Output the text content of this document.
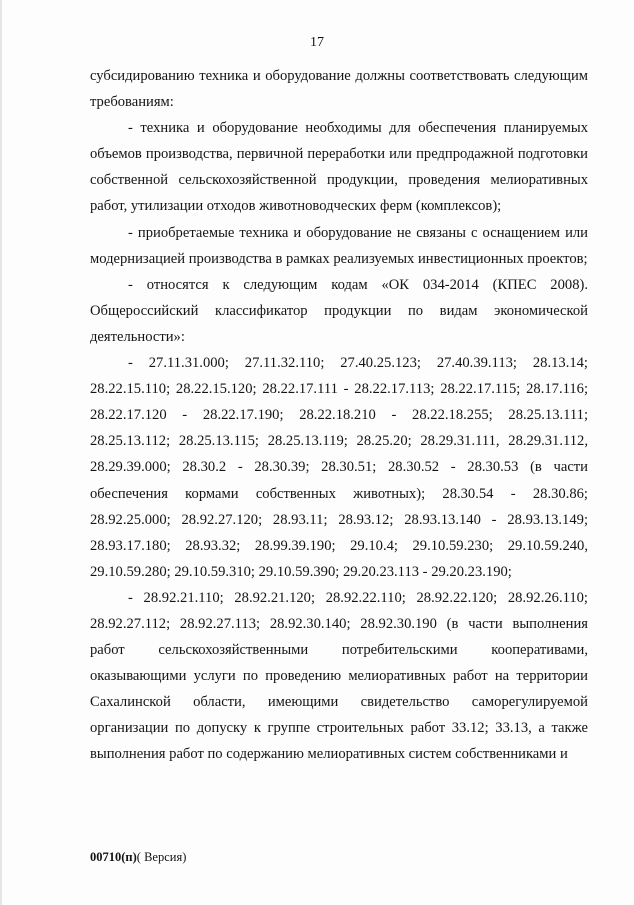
17

субсидированию техника и оборудование должны соответствовать следующим требованиям:

- техника и оборудование необходимы для обеспечения планируемых объемов производства, первичной переработки или предпродажной подготовки собственной сельскохозяйственной продукции, проведения мелиоративных работ, утилизации отходов животноводческих ферм (комплексов);

- приобретаемые техника и оборудование не связаны с оснащением или модернизацией производства в рамках реализуемых инвестиционных проектов;

- относятся к следующим кодам «ОК 034-2014 (КПЕС 2008). Общероссийский классификатор продукции по видам экономической деятельности»:

- 27.11.31.000; 27.11.32.110; 27.40.25.123; 27.40.39.113; 28.13.14; 28.22.15.110; 28.22.15.120; 28.22.17.111 - 28.22.17.113; 28.22.17.115; 28.17.116; 28.22.17.120 - 28.22.17.190; 28.22.18.210 - 28.22.18.255; 28.25.13.111; 28.25.13.112; 28.25.13.115; 28.25.13.119; 28.25.20; 28.29.31.111, 28.29.31.112, 28.29.39.000; 28.30.2 - 28.30.39; 28.30.51; 28.30.52 - 28.30.53 (в части обеспечения кормами собственных животных); 28.30.54 - 28.30.86; 28.92.25.000; 28.92.27.120; 28.93.11; 28.93.12; 28.93.13.140 - 28.93.13.149; 28.93.17.180; 28.93.32; 28.99.39.190; 29.10.4; 29.10.59.230; 29.10.59.240, 29.10.59.280; 29.10.59.310; 29.10.59.390; 29.20.23.113 - 29.20.23.190;

- 28.92.21.110; 28.92.21.120; 28.92.22.110; 28.92.22.120; 28.92.26.110; 28.92.27.112; 28.92.27.113; 28.92.30.140; 28.92.30.190 (в части выполнения работ сельскохозяйственными потребительскими кооперативами, оказывающими услуги по проведению мелиоративных работ на территории Сахалинской области, имеющими свидетельство саморегулируемой организации по допуску к группе строительных работ 33.12; 33.13, а также выполнения работ по содержанию мелиоративных систем собственниками и

00710(п)( Версия)
